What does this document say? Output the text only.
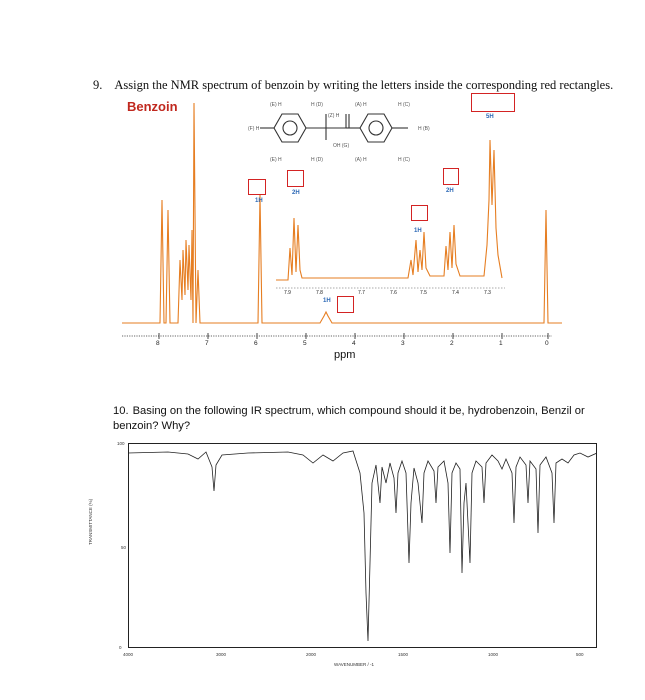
9. Assign the NMR spectrum of benzoin by writing the letters inside the corresponding red rectangles.
Benzoin	(E) H	H (D)	(A) H	H (C)
(F) H	H (B)
(Z) H
OH (G)
(E) H	H (D)	(A) H	H (C)
1H
2H
1H
2H
5H
1H
7.9	7.8	7.7	7.6	7.5	7.4	7.3
8	7	6	5	4	3	2	1	0
ppm
10. Basing on the following IR spectrum, which compound should it be, hydrobenzoin, Benzil or benzoin? Why?
100
50
0
4000	3000	2000	1500	1000	500
WAVENUMBER / -1
TRANSMITTANCE (%)
